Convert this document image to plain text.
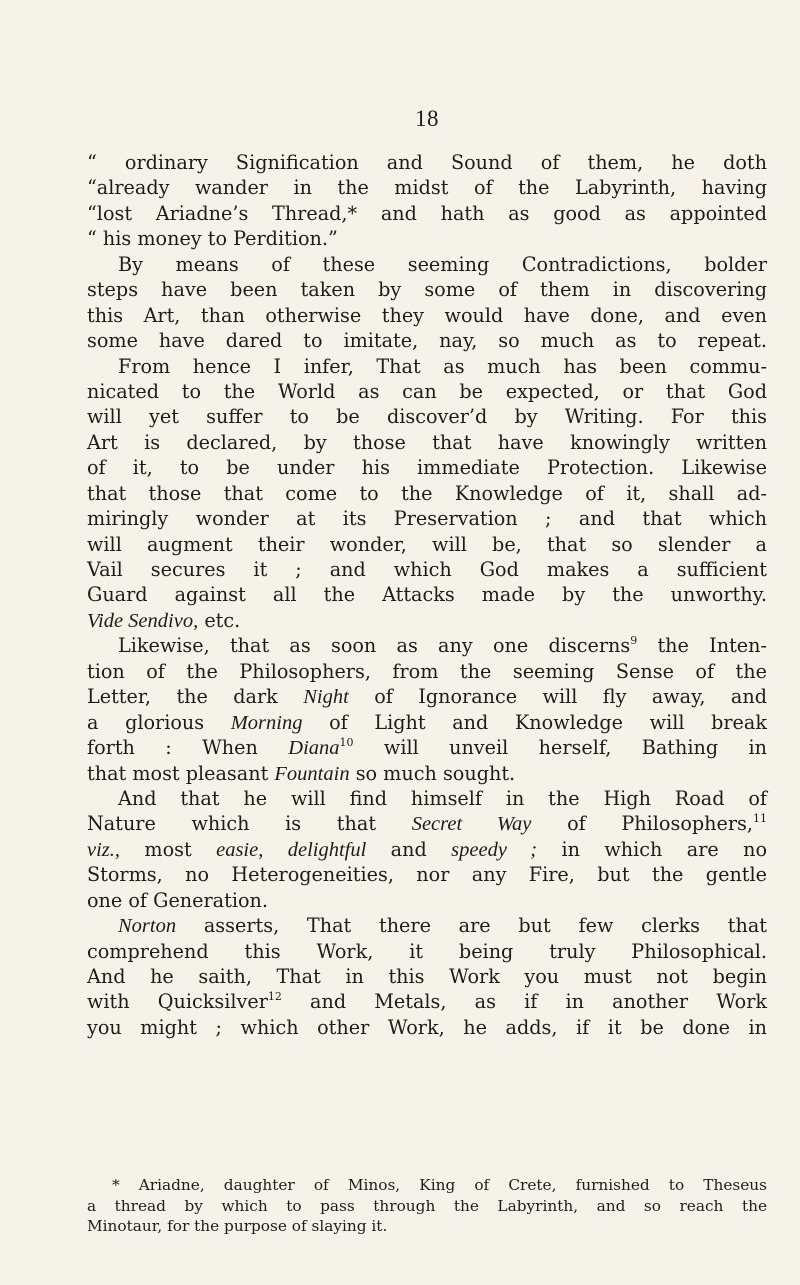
18
“ ordinary Signification and Sound of them, he doth
“already wander in the midst of the Labyrinth, having
“lost Ariadne’s Thread,* and hath as good as appointed
“ his money to Perdition.”
By means of these seeming Contradictions, bolder
steps have been taken by some of them in discovering
this Art, than otherwise they would have done, and even
some have dared to imitate, nay, so much as to repeat.
From hence I infer, That as much has been commu-
nicated to the World as can be expected, or that God
will yet suffer to be discover’d by Writing. For this
Art is declared, by those that have knowingly written
of it, to be under his immediate Protection. Likewise
that those that come to the Knowledge of it, shall ad-
miringly wonder at its Preservation ; and that which
will augment their wonder, will be, that so slender a
Vail secures it ; and which God makes a sufficient
Guard against all the Attacks made by the unworthy.
Vide Sendivo, etc.
Likewise, that as soon as any one discerns$^9$ the Inten-
tion of the Philosophers, from the seeming Sense of the
Letter, the dark Night of Ignorance will fly away, and
a glorious Morning of Light and Knowledge will break
forth : When Diana$^{10}$ will unveil herself, Bathing in
that most pleasant Fountain so much sought.
And that he will find himself in the High Road of
Nature which is that Secret Way of Philosophers,$^{11}$
viz., most easie, delightful and speedy ; in which are no
Storms, no Heterogeneities, nor any Fire, but the gentle
one of Generation.
Norton asserts, That there are but few clerks that
comprehend this Work, it being truly Philosophical.
And he saith, That in this Work you must not begin
with Quicksilver$^{12}$ and Metals, as if in another Work
you might ; which other Work, he adds, if it be done in
* Ariadne, daughter of Minos, King of Crete, furnished to Theseus
a thread by which to pass through the Labyrinth, and so reach the
Minotaur, for the purpose of slaying it.
